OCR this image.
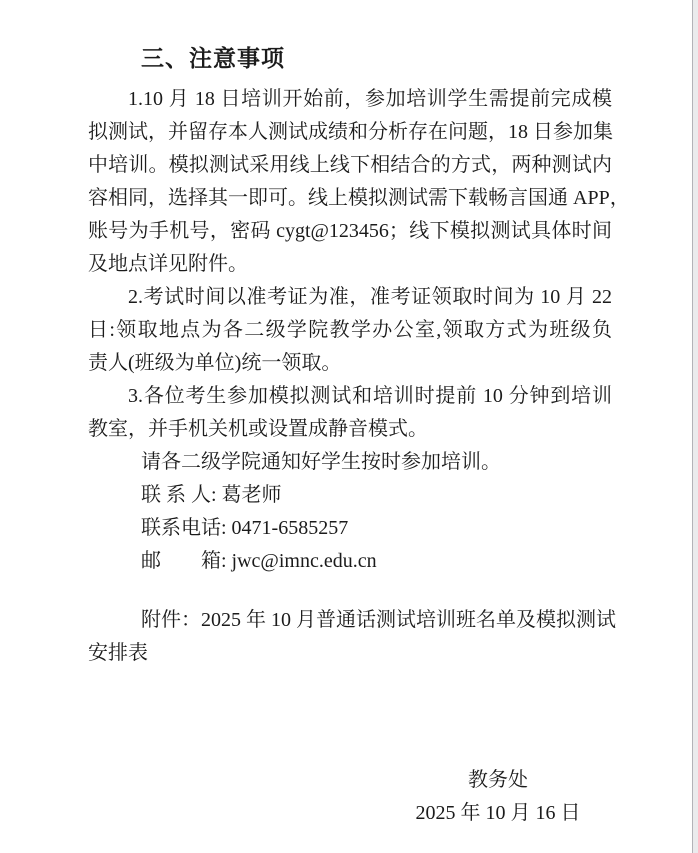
三、注意事项
1.10 月 18 日培训开始前，参加培训学生需提前完成模
拟测试，并留存本人测试成绩和分析存在问题，18 日参加集
中培训。模拟测试采用线上线下相结合的方式，两种测试内
容相同，选择其一即可。线上模拟测试需下载畅言国通 APP，
账号为手机号，密码 cygt@123456；线下模拟测试具体时间
及地点详见附件。
2.考试时间以准考证为准，准考证领取时间为 10 月 22
日:领取地点为各二级学院教学办公室,领取方式为班级负
责人(班级为单位)统一领取。
3.各位考生参加模拟测试和培训时提前 10 分钟到培训
教室，并手机关机或设置成静音模式。
请各二级学院通知好学生按时参加培训。
联 系 人: 葛老师
联系电话: 0471-6585257
邮　　箱: jwc@imnc.edu.cn
附件：2025 年 10 月普通话测试培训班名单及模拟测试
安排表
教务处
2025 年 10 月 16 日
